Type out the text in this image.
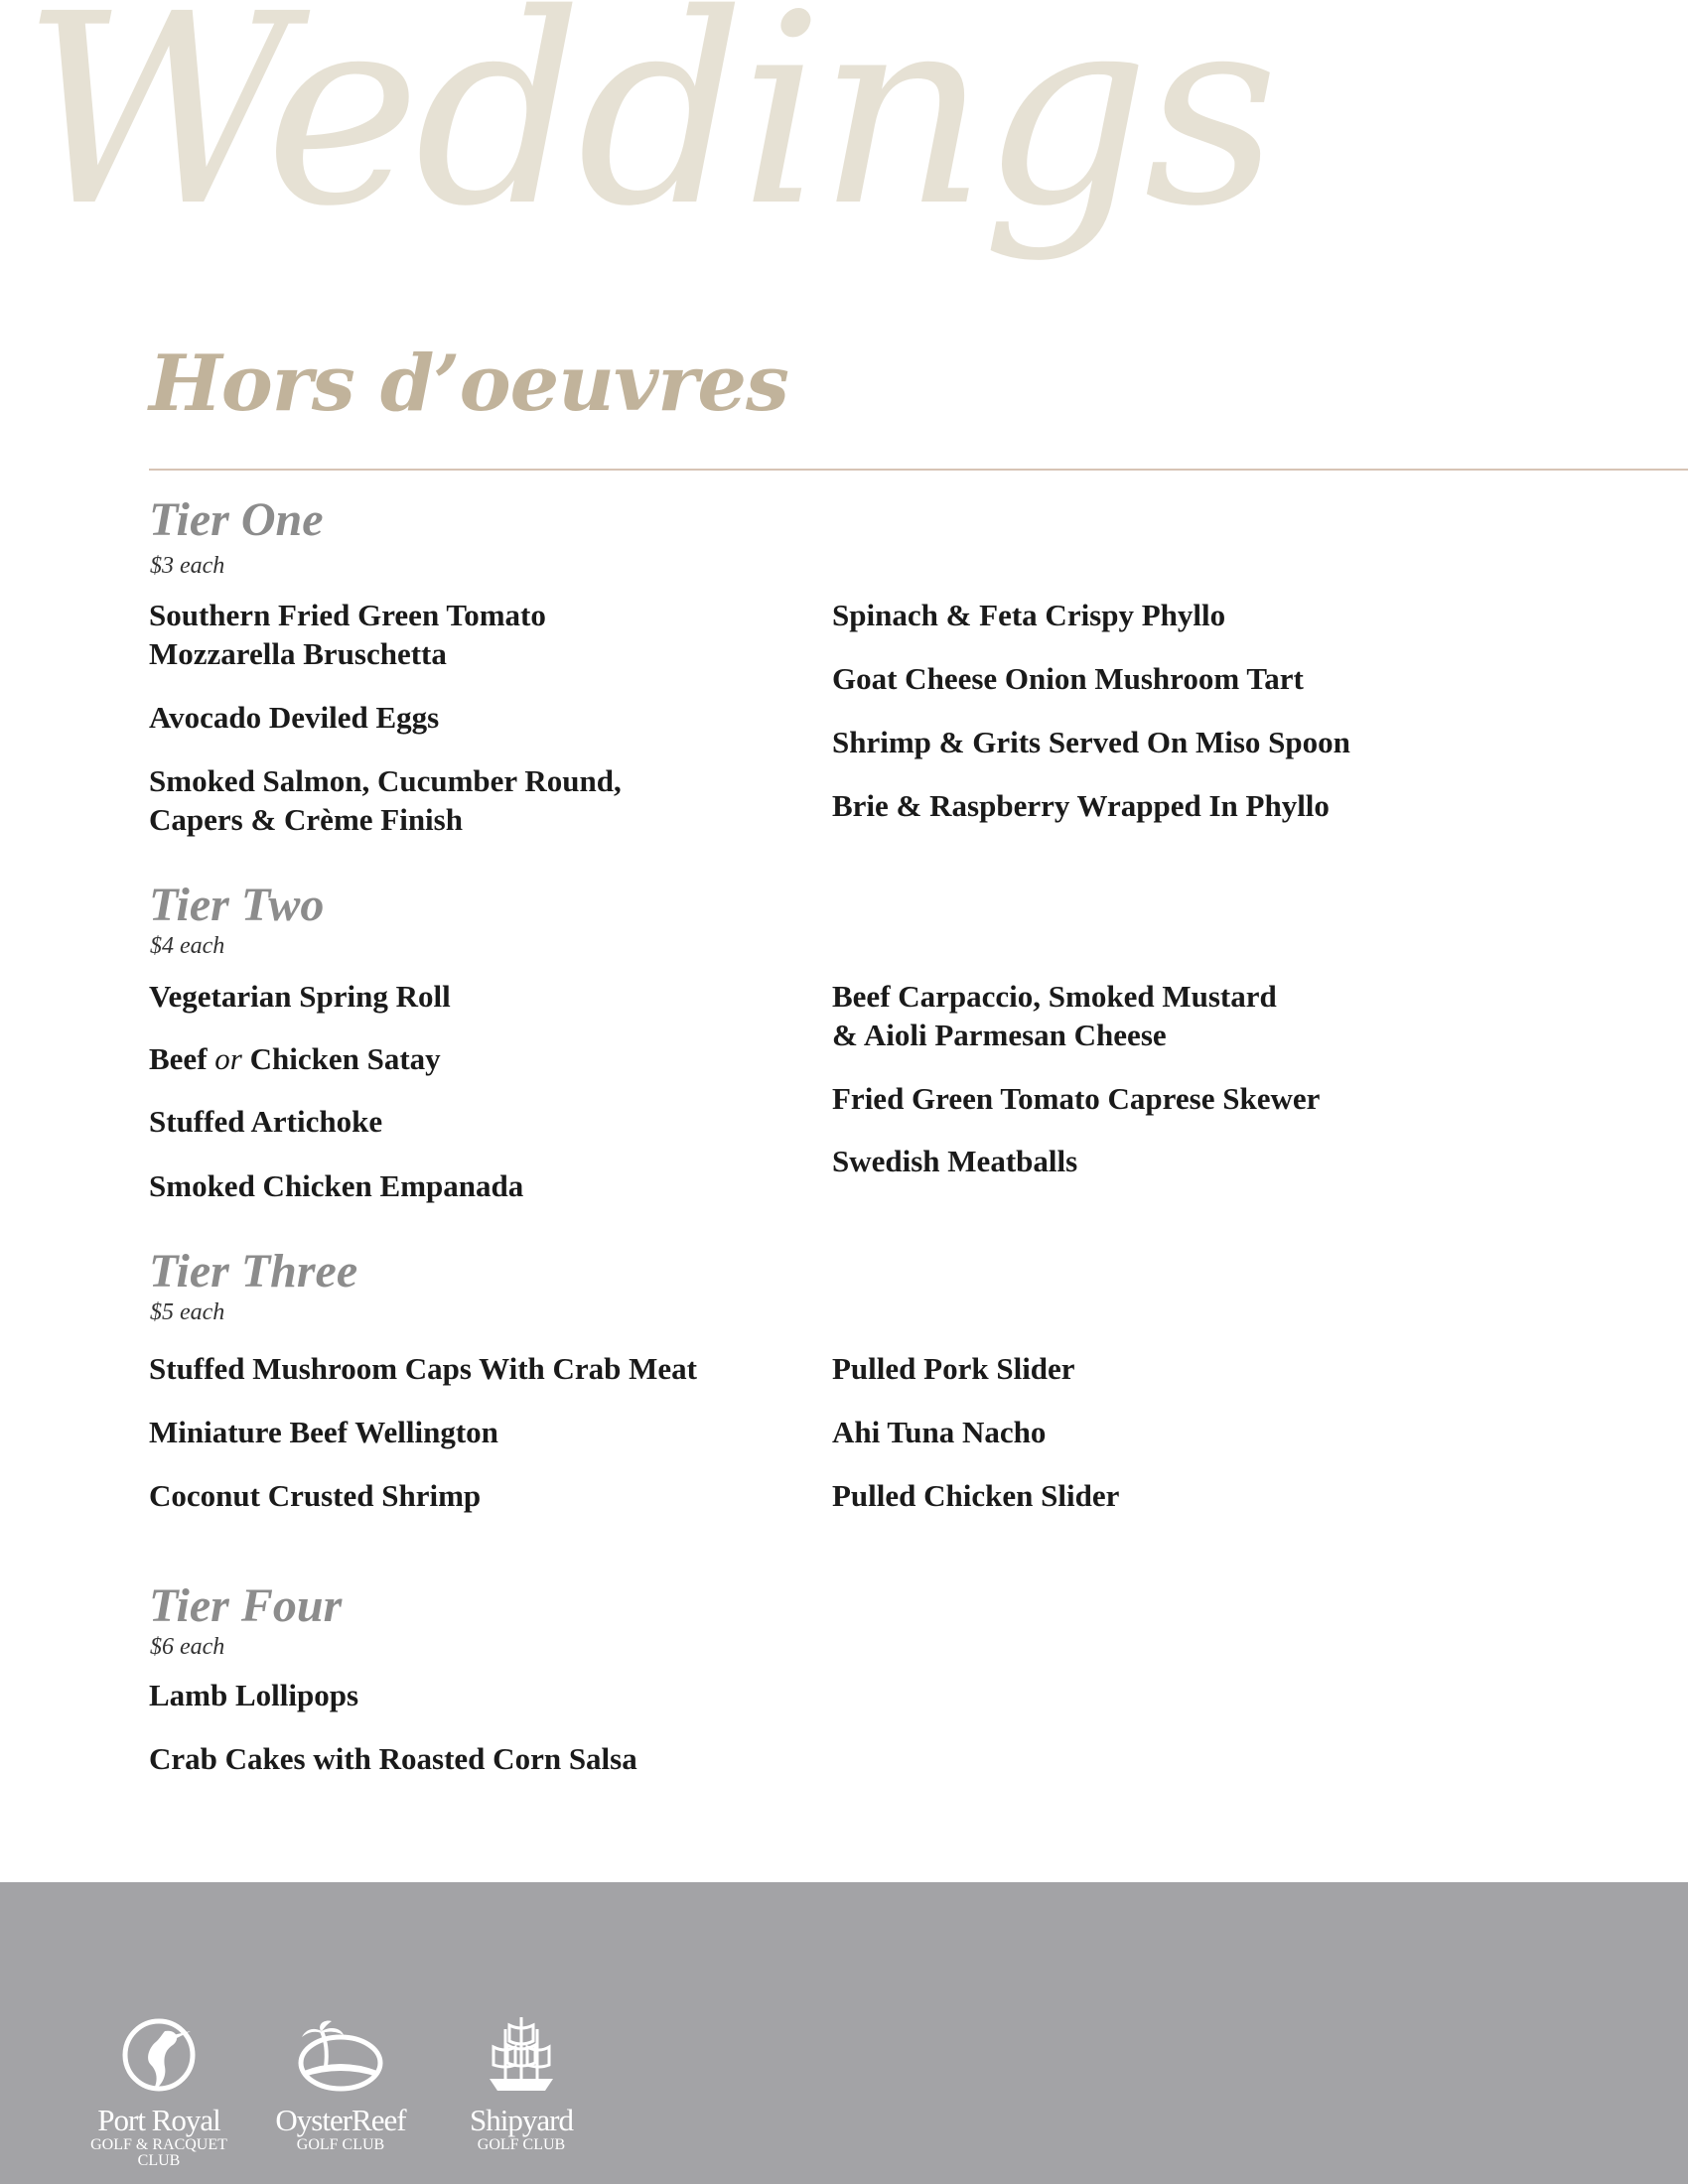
Weddings
Hors d’oeuvres
Tier One
$3 each
Southern Fried Green Tomato
Mozzarella Bruschetta
Avocado Deviled Eggs
Smoked Salmon, Cucumber Round,
Capers & Crème Finish
Spinach & Feta Crispy Phyllo
Goat Cheese Onion Mushroom Tart
Shrimp & Grits Served On Miso Spoon
Brie & Raspberry Wrapped In Phyllo
Tier Two
$4 each
Vegetarian Spring Roll
Beef or Chicken Satay
Stuffed Artichoke
Smoked Chicken Empanada
Beef Carpaccio, Smoked Mustard
& Aioli Parmesan Cheese
Fried Green Tomato Caprese Skewer
Swedish Meatballs
Tier Three
$5 each
Stuffed Mushroom Caps With Crab Meat
Miniature Beef Wellington
Coconut Crusted Shrimp
Pulled Pork Slider
Ahi Tuna Nacho
Pulled Chicken Slider
Tier Four
$6 each
Lamb Lollipops
Crab Cakes with Roasted Corn Salsa
Port Royal
GOLF & RACQUET CLUB
OysterReef
GOLF CLUB
Shipyard
GOLF CLUB
